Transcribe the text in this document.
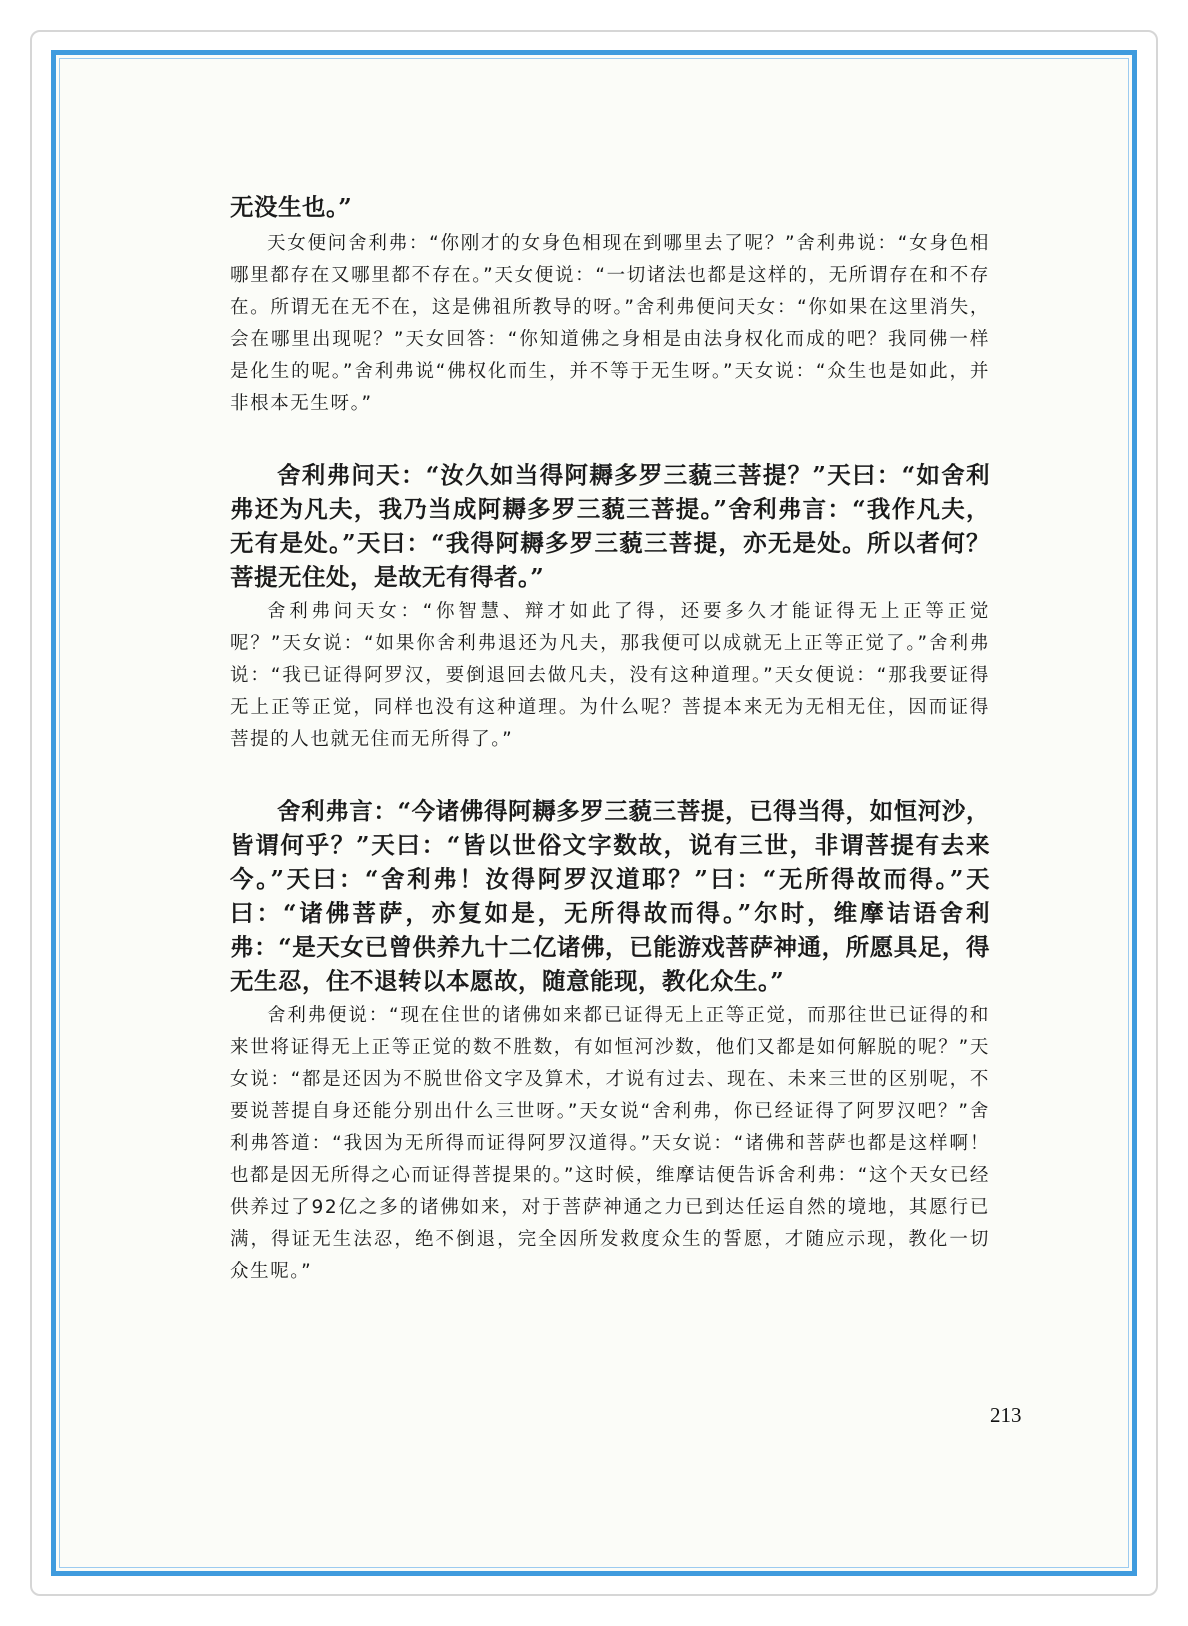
无没生也。”

天女便问舍利弗：“你刚才的女身色相现在到哪里去了呢？”舍利弗说：“女身色相哪里都存在又哪里都不存在。”天女便说：“一切诸法也都是这样的，无所谓存在和不存在。所谓无在无不在，这是佛祖所教导的呀。”舍利弗便问天女：“你如果在这里消失，会在哪里出现呢？”天女回答：“你知道佛之身相是由法身权化而成的吧？我同佛一样是化生的呢。”舍利弗说“佛权化而生，并不等于无生呀。”天女说：“众生也是如此，并非根本无生呀。”

舍利弗问天：“汝久如当得阿耨多罗三藐三菩提？”天曰：“如舍利弗还为凡夫，我乃当成阿耨多罗三藐三菩提。”舍利弗言：“我作凡夫，无有是处。”天曰：“我得阿耨多罗三藐三菩提，亦无是处。所以者何？菩提无住处，是故无有得者。”

舍利弗问天女：“你智慧、辩才如此了得，还要多久才能证得无上正等正觉呢？”天女说：“如果你舍利弗退还为凡夫，那我便可以成就无上正等正觉了。”舍利弗说：“我已证得阿罗汉，要倒退回去做凡夫，没有这种道理。”天女便说：“那我要证得无上正等正觉，同样也没有这种道理。为什么呢？菩提本来无为无相无住，因而证得菩提的人也就无住而无所得了。”

舍利弗言：“今诸佛得阿耨多罗三藐三菩提，已得当得，如恒河沙，皆谓何乎？”天曰：“皆以世俗文字数故，说有三世，非谓菩提有去来今。”天曰：“舍利弗！汝得阿罗汉道耶？”曰：“无所得故而得。”天曰：“诸佛菩萨，亦复如是，无所得故而得。”尔时，维摩诘语舍利弗：“是天女已曾供养九十二亿诸佛，已能游戏菩萨神通，所愿具足，得无生忍，住不退转以本愿故，随意能现，教化众生。”

舍利弗便说：“现在住世的诸佛如来都已证得无上正等正觉，而那往世已证得的和来世将证得无上正等正觉的数不胜数，有如恒河沙数，他们又都是如何解脱的呢？”天女说：“都是还因为不脱世俗文字及算术，才说有过去、现在、未来三世的区别呢，不要说菩提自身还能分别出什么三世呀。”天女说“舍利弗，你已经证得了阿罗汉吧？”舍利弗答道：“我因为无所得而证得阿罗汉道得。”天女说：“诸佛和菩萨也都是这样啊！也都是因无所得之心而证得菩提果的。”这时候，维摩诘便告诉舍利弗：“这个天女已经供养过了92亿之多的诸佛如来，对于菩萨神通之力已到达任运自然的境地，其愿行已满，得证无生法忍，绝不倒退，完全因所发救度众生的誓愿，才随应示现，教化一切众生呢。”

213
